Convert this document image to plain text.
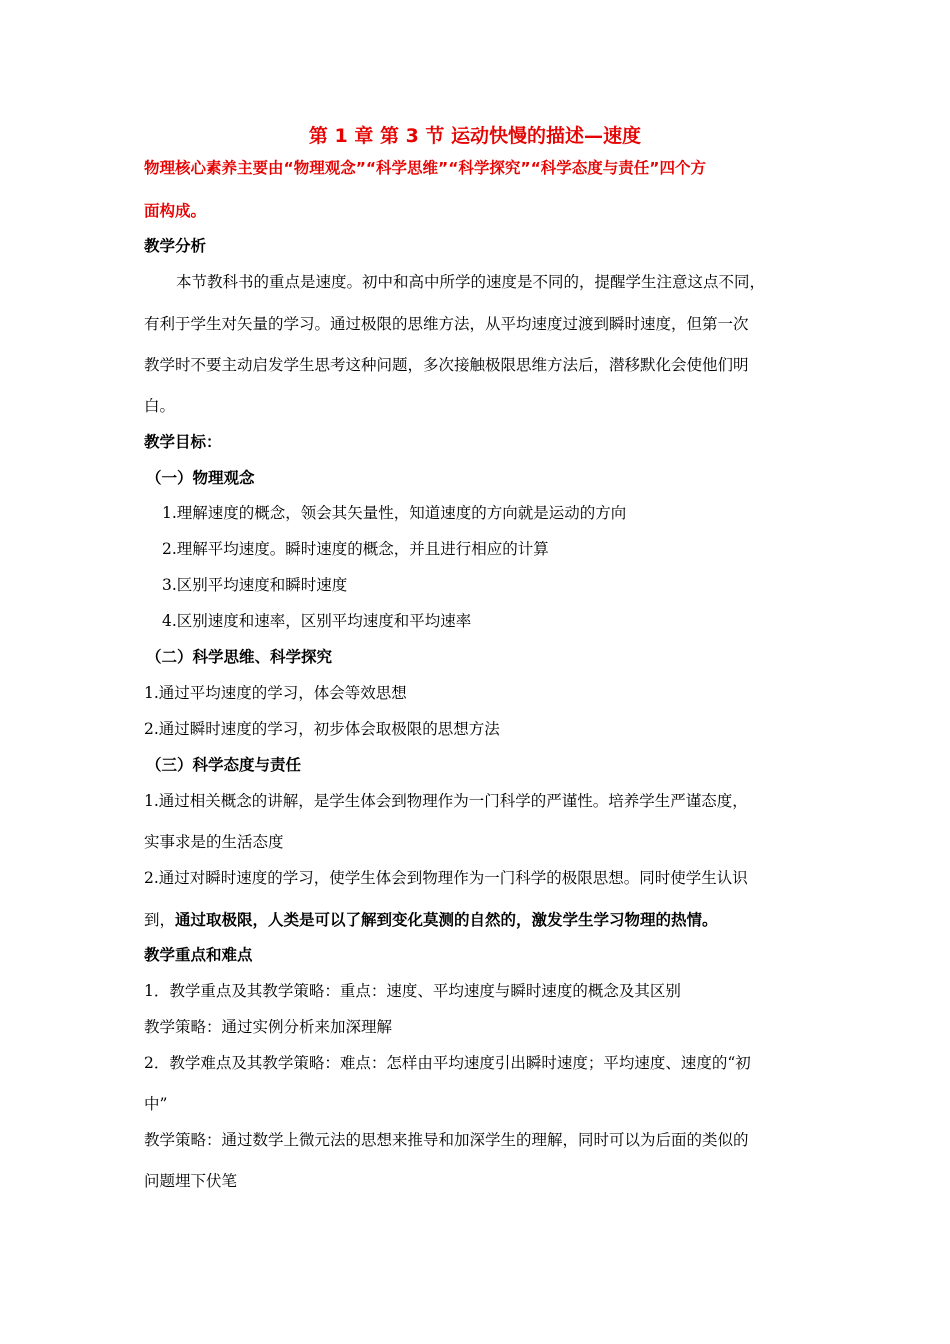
第 1 章 第 3 节 运动快慢的描述—速度
物理核心素养主要由“物理观念”“科学思维”“科学探究”“科学态度与责任”四个方
面构成。
教学分析
本节教科书的重点是速度。初中和高中所学的速度是不同的，提醒学生注意这点不同，
有利于学生对矢量的学习。通过极限的思维方法，从平均速度过渡到瞬时速度，但第一次
教学时不要主动启发学生思考这种问题，多次接触极限思维方法后，潜移默化会使他们明
白。
教学目标：
（一）物理观念
1.理解速度的概念，领会其矢量性，知道速度的方向就是运动的方向
2.理解平均速度。瞬时速度的概念，并且进行相应的计算
3.区别平均速度和瞬时速度
4.区别速度和速率，区别平均速度和平均速率
（二）科学思维、科学探究
1.通过平均速度的学习，体会等效思想
2.通过瞬时速度的学习，初步体会取极限的思想方法
（三）科学态度与责任
1.通过相关概念的讲解，是学生体会到物理作为一门科学的严谨性。培养学生严谨态度，
实事求是的生活态度
2.通过对瞬时速度的学习，使学生体会到物理作为一门科学的极限思想。同时使学生认识
到，通过取极限，人类是可以了解到变化莫测的自然的，激发学生学习物理的热情。
教学重点和难点
1．教学重点及其教学策略：重点：速度、平均速度与瞬时速度的概念及其区别
教学策略：通过实例分析来加深理解
2．教学难点及其教学策略：难点：怎样由平均速度引出瞬时速度；平均速度、速度的“初
中”
教学策略：通过数学上微元法的思想来推导和加深学生的理解，同时可以为后面的类似的
问题埋下伏笔
